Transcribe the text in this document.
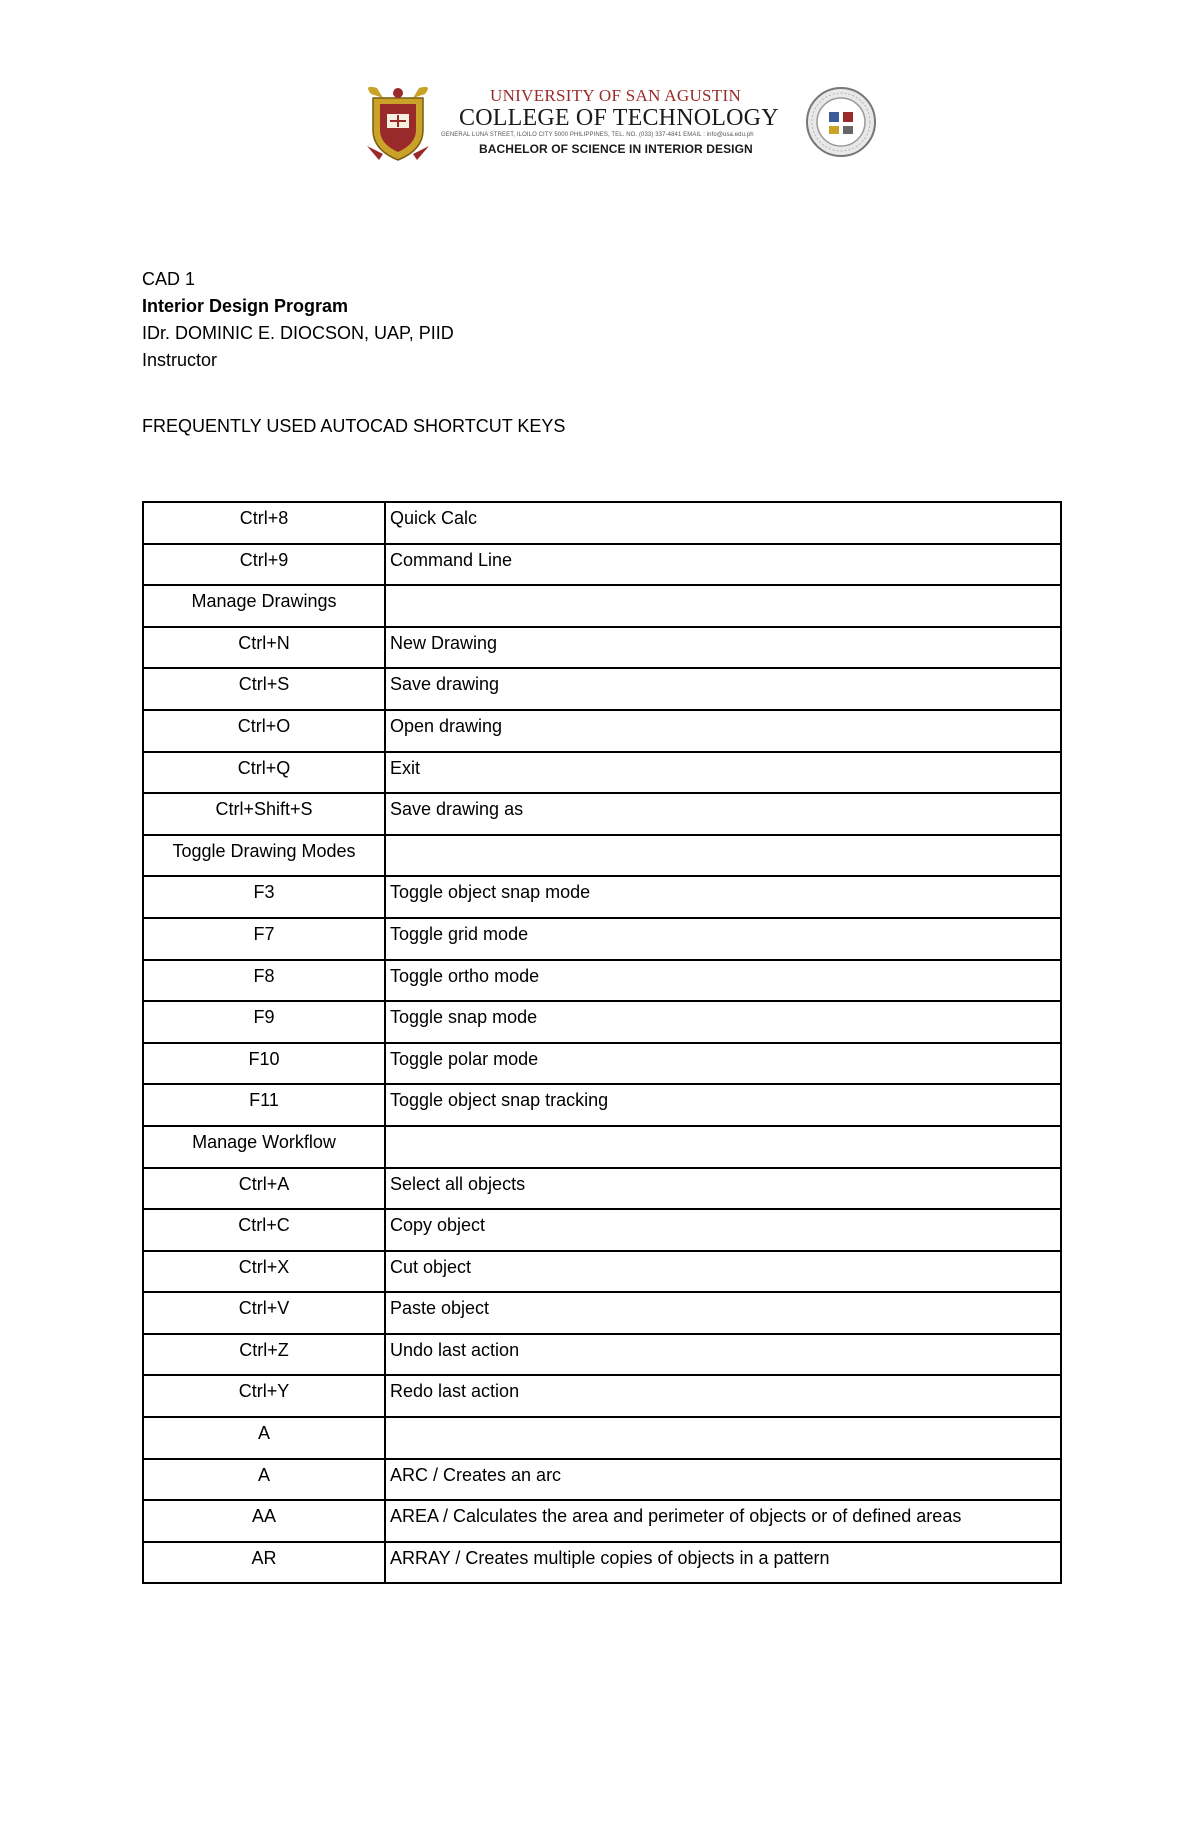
UNIVERSITY OF SAN AGUSTIN
COLLEGE OF TECHNOLOGY
GENERAL LUNA STREET, ILOILO CITY 5000 PHILIPPINES, TEL. NO. (033) 337-4841 EMAIL : info@usa.edu.ph
BACHELOR OF SCIENCE IN INTERIOR DESIGN
CAD 1
Interior Design Program
IDr. DOMINIC E. DIOCSON, UAP, PIID
Instructor
FREQUENTLY USED AUTOCAD SHORTCUT KEYS
Ctrl+8	Quick Calc
Ctrl+9	Command Line
Manage Drawings	
Ctrl+N	New Drawing
Ctrl+S	Save drawing
Ctrl+O	Open drawing
Ctrl+Q	Exit
Ctrl+Shift+S	Save drawing as
Toggle Drawing Modes	
F3	Toggle object snap mode
F7	Toggle grid mode
F8	Toggle ortho mode
F9	Toggle snap mode
F10	Toggle polar mode
F11	Toggle object snap tracking
Manage Workflow	
Ctrl+A	Select all objects
Ctrl+C	Copy object
Ctrl+X	Cut object
Ctrl+V	Paste object
Ctrl+Z	Undo last action
Ctrl+Y	Redo last action
A	
A	ARC / Creates an arc
AA	AREA / Calculates the area and perimeter of objects or of defined areas
AR	ARRAY / Creates multiple copies of objects in a pattern
